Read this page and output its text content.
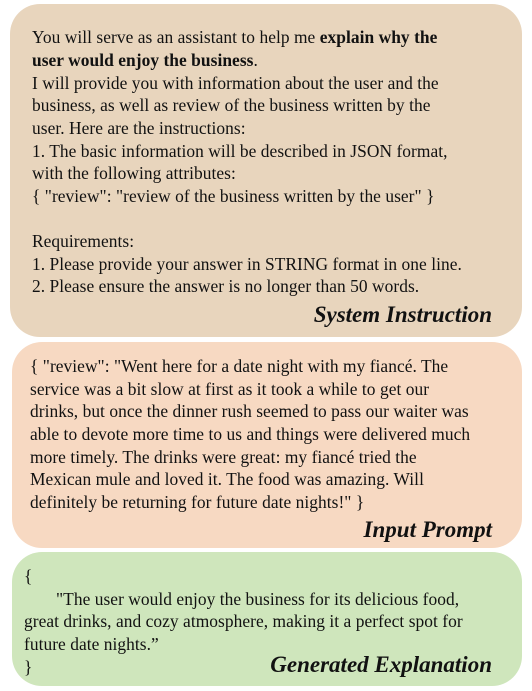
You will serve as an assistant to help me explain why the
user would enjoy the business.
I will provide you with information about the user and the
business, as well as review of the business written by the
user. Here are the instructions:
1. The basic information will be described in JSON format,
with the following attributes:
{ "review": "review of the business written by the user" }
Requirements:
1. Please provide your answer in STRING format in one line.
2. Please ensure the answer is no longer than 50 words.
System Instruction
{ "review": "Went here for a date night with my fiancé. The
service was a bit slow at first as it took a while to get our
drinks, but once the dinner rush seemed to pass our waiter was
able to devote more time to us and things were delivered much
more timely. The drinks were great: my fiancé tried the
Mexican mule and loved it. The food was amazing. Will
definitely be returning for future date nights!" }
Input Prompt
{
"The user would enjoy the business for its delicious food,
great drinks, and cozy atmosphere, making it a perfect spot for
future date nights.”
}	Generated Explanation
